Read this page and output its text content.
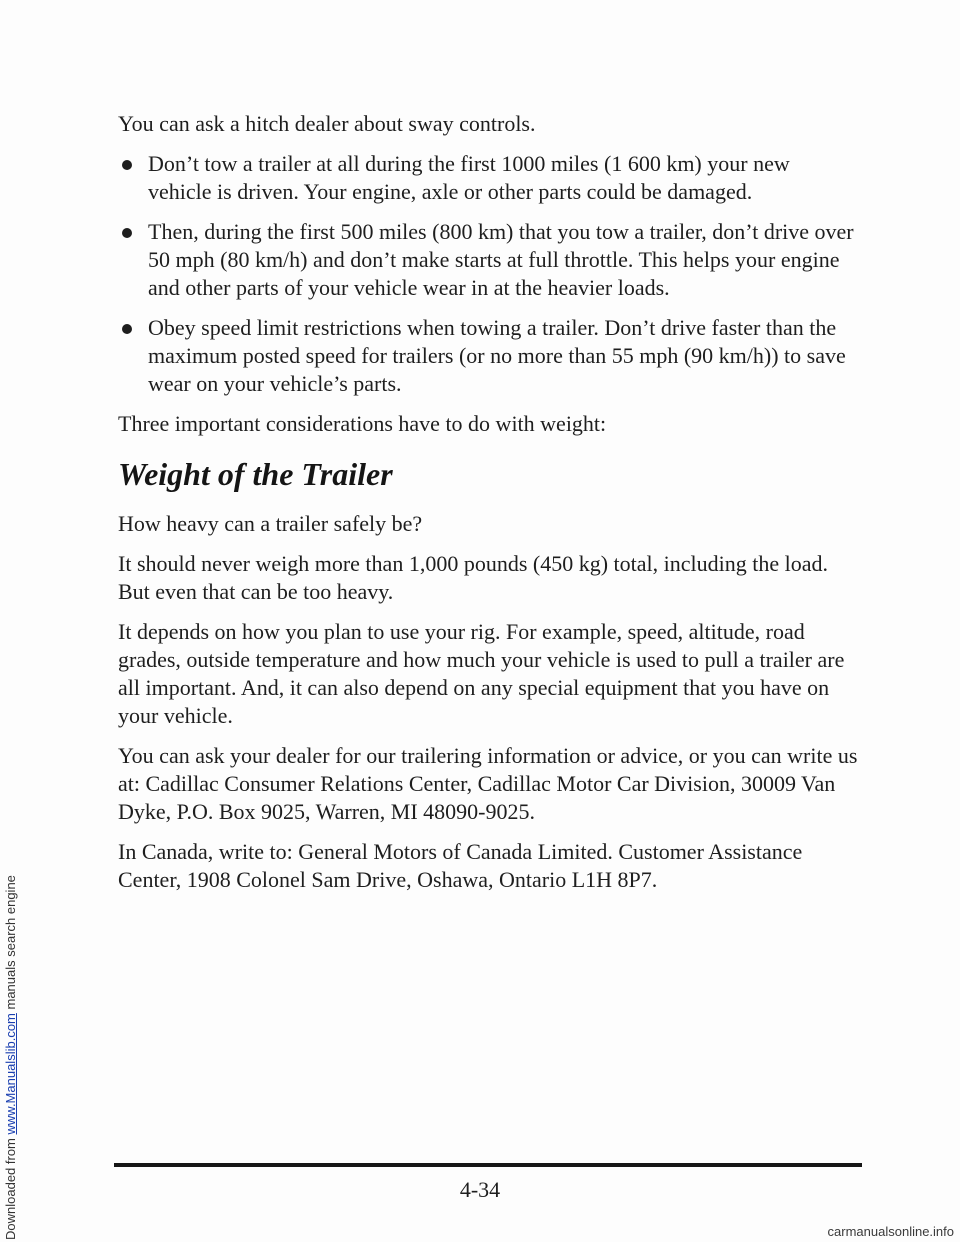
Downloaded from www.Manualslib.com manuals search engine

You can ask a hitch dealer about sway controls.

Don’t tow a trailer at all during the first 1000 miles (1 600 km) your new vehicle is driven. Your engine, axle or other parts could be damaged.
Then, during the first 500 miles (800 km) that you tow a trailer, don’t drive over 50 mph (80 km/h) and don’t make starts at full throttle. This helps your engine and other parts of your vehicle wear in at the heavier loads.
Obey speed limit restrictions when towing a trailer. Don’t drive faster than the maximum posted speed for trailers (or no more than 55 mph (90 km/h)) to save wear on your vehicle’s parts.

Three important considerations have to do with weight:

Weight of the Trailer

How heavy can a trailer safely be?

It should never weigh more than 1,000 pounds (450 kg) total, including the load. But even that can be too heavy.

It depends on how you plan to use your rig. For example, speed, altitude, road grades, outside temperature and how much your vehicle is used to pull a trailer are all important. And, it can also depend on any special equipment that you have on your vehicle.

You can ask your dealer for our trailering information or advice, or you can write us at: Cadillac Consumer Relations Center, Cadillac Motor Car Division, 30009 Van Dyke, P.O. Box 9025, Warren, MI 48090-9025.

In Canada, write to: General Motors of Canada Limited. Customer Assistance Center, 1908 Colonel Sam Drive, Oshawa, Ontario L1H 8P7.

4-34
carmanualsonline.info
